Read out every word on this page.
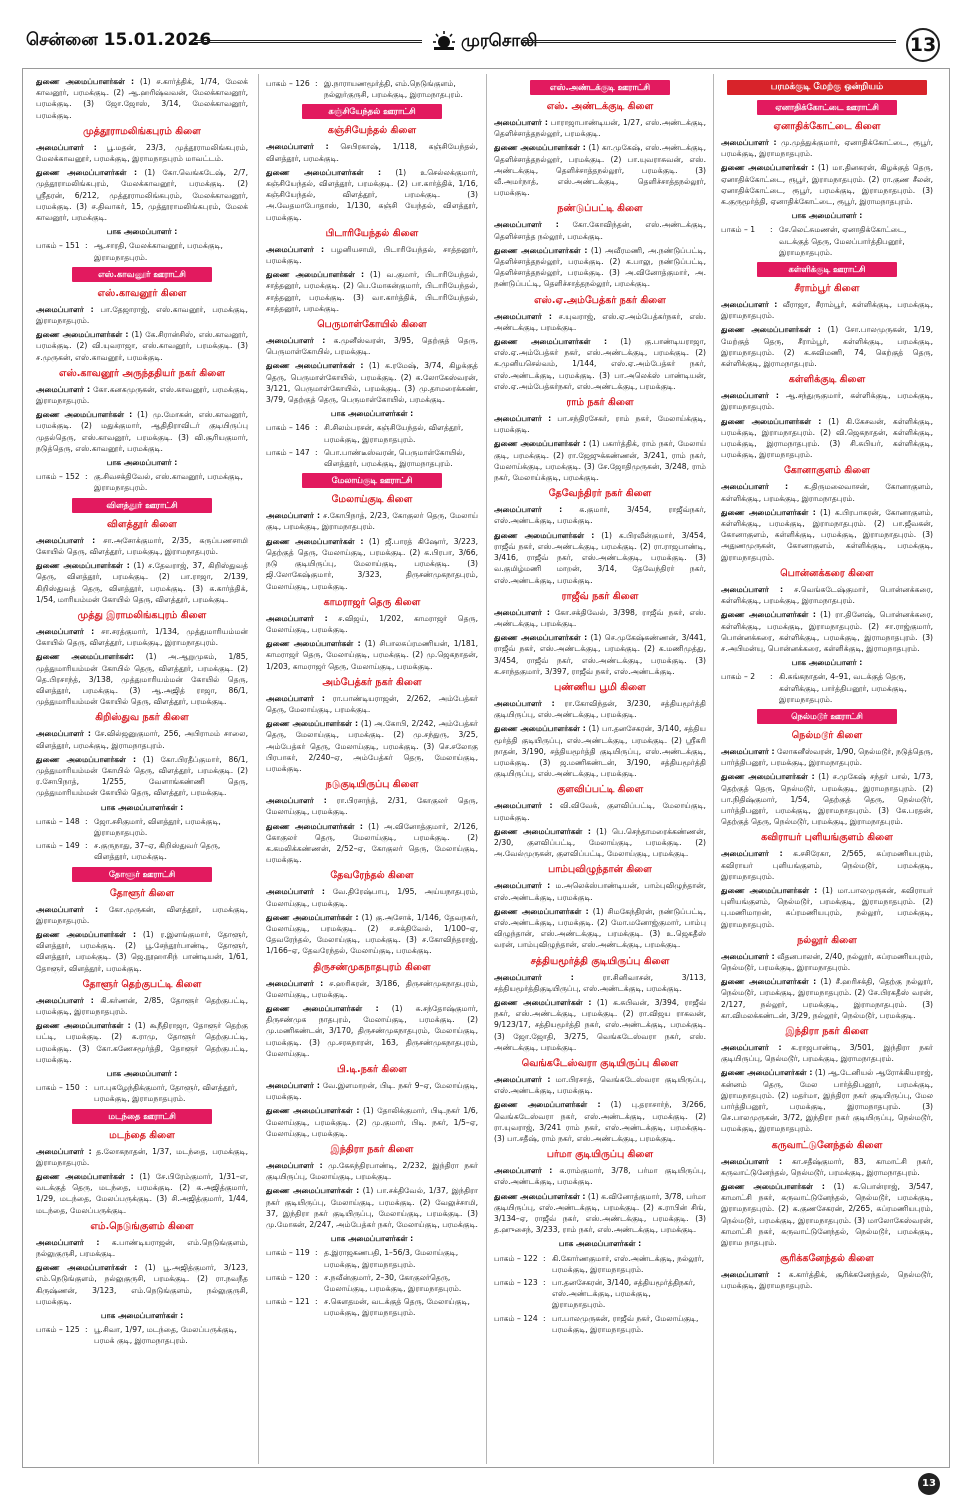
சென்னை 15.01.2026	முரசொலி	13

துணை அமைப்பாளர்கள் : (1) ச.கார்த்திக், 1/74, மேலக் காவனூர், பரமக்குடி. (2) ஆ.ஹரிஷ்வவன், மேலக்காவனூர், பரமக்குடி. (3) ஜோ.ஜோஸ், 3/14, மேலக்காவனூர், பரமக்குடி.

முத்தூராமலிங்கபுரம் கிளை

அமைப்பாளர் : பூ.மதன், 23/3, முத்தூராமலிங்கபுரம், மேலக்காவனூர், பரமக்குடி, இராமநாதபுரம் மாவட்டம்.

துணை அமைப்பாளர்கள் : (1) கோ.வெங்கடேஷ், 2/7, முத்தூராமலிங்கபுரம், மேலக்காவனூர், பரமக்குடி. (2) ஸ்ரீதரன், 6/212, முத்தூராமலிங்கபுரம், மேலக்காவனூர், பரமக்குடி. (3) ச.திவாகர், 15, முத்தூராமலிங்கபுரம், மேலக் காவனூர், பரமக்குடி.

பாக அமைப்பாளர் :
பாகம் – 151 : ஆ.சாரதி, மேலக்காவனூர், பரமக்குடி, இராமநாதபுரம்.
எஸ்.காவனூர் ஊராட்சி
எஸ்.காவனூர் கிளை

அமைப்பாளர் : பா.தேஜாராஜ், எஸ்.காவனூர், பரமக்குடி, இராமநாதபுரம்.

துணை அமைப்பாளர்கள் : (1) கே.சிரான்சிஸ், எஸ்.காவனூர், பரமக்குடி. (2) வி.யுவராஜா, எஸ்.காவனூர், பரமக்குடி. (3) ச.முருகன், எஸ்.காவனூர், பரமக்குடி.

எஸ்.காவனூர் அருந்ததியர் நகர் கிளை

அமைப்பாளர் : கோ.கனகமுருகன், எஸ்.காவனூர், பரமக்குடி, இராமநாதபுரம்.

துணை அமைப்பாளர்கள் : (1) மு.மோகன், எஸ்.காவனூர், பரமக்குடி. (2) மதுக்குமார், ஆதிதிராவிடர் குடியிருப்பு முதல்தெரு, எஸ்.காவனூர், பரமக்குடி. (3) வி.சூரியகுமார், நடுத்தெரு, எஸ்.காவனூர், பரமக்குடி.

பாக அமைப்பாளர் :
பாகம் – 152 : கு.சிவசக்திவேல், எஸ்.காவனூர், பரமக்குடி, இராமநாதபுரம்.
விளத்தூர் ஊராட்சி
விளத்தூர் கிளை

அமைப்பாளர் : சா.அசோக்குமார், 2/35, கருப்பணசாமி கோயில் தெரு, விளத்தூர், பரமக்குடி, இராமநாதபுரம்.

துணை அமைப்பாளர்கள் : (1) ச.தேவராஜ், 37, கிறிஸ்துவத் தெரு, விளத்தூர், பரமக்குடி. (2) பா.ராஜா, 2/139, கிறிஸ்துவத் தெரு, விளத்தூர், பரமக்குடி. (3) க.கார்த்திக், 1/54, மாரியம்மன் கோயில் தெரு, விளத்தூர், பரமக்குடி.

முத்து இராமலிங்கபுரம் கிளை

அமைப்பாளர் : சா.சரத்குமார், 1/134, முத்துமாரியம்மன் கோயில் தெரு, விளத்தூர், பரமக்குடி, இராமநாதபுரம்.

துணை அமைப்பாளர்கள்: (1) அ.ஆறுமுகம், 1/85, முத்துமாரியம்மன் கோயில் தெரு, விளத்தூர், பரமக்குடி. (2) தெ.பிரசாந்த், 3/138, முத்துமாரியம்மன் கோயில் தெரு, விளத்தூர், பரமக்குடி. (3) ஆ.அஜித் ராஜா, 86/1, முத்துமாரியம்மன் கோயில் தெரு, விளத்தூர், பரமக்குடி.

கிறிஸ்துவ நகர் கிளை

அமைப்பாளர் : சே.வில்ஜனுகுமார், 256, அபிராமம் சாலை, விளத்தூர், பரமக்குடி, இராமநாதபுரம்.

துணை அமைப்பாளர்கள் : (1) கோ.பிரதீப்குமார், 86/1, முத்துமாரியம்மன் கோயில் தெரு, விளத்தூர், பரமக்குடி. (2) ர.சோபிநாத், 1/255, வேளாங்கண்ணி தெரு, முத்துமாரியம்மன் கோயில் தெரு, விளத்தூர், பரமக்குடி.

பாக அமைப்பாளர்கள் :
பாகம் – 148 : ஜோ.சசிகுமார், விளத்தூர், பரமக்குடி, இராமநாதபுரம்.
பாகம் – 149 : ச.குருநாது, 37–ஏ, கிறிஸ்துவர் தெரு, விளத்தூர், பரமக்குடி.
தோளூர் ஊராட்சி
தோளூர் கிளை

அமைப்பாளர் : கோ.முருகன், விளத்தூர், பரமக்குடி, இராமநாதபுரம்.

துணை அமைப்பாளர்கள் : (1) ர.இளங்குமார், தோளூர், விளத்தூர், பரமக்குடி. (2) பூ.சேந்தூர்பாண்டி, தோளூர், விளத்தூர், பரமக்குடி. (3) ஜெ.நூஹாசிந் பாண்டியன், 1/61, தோளூர், விளத்தூர், பரமக்குடி.

தோளூர் தெற்குபட்டி கிளை

அமைப்பாளர் : கி.கர்ணன், 2/85, தோளூர் தெற்குபட்டி, பரமக்குடி, இராமநாதபுரம்.

துணை அமைப்பாளர்கள் : (1) கூநீதிராஜா, தோளூர் தெற்கு பட்டி, பரமக்குடி. (2) க.ராமு, தோளூர் தெற்குபட்டி, பரமக்குடி. (3) கோ.கணேசமூர்த்தி, தோளூர் தெற்குபட்டி, பரமக்குடி.

பாக அமைப்பாளர் :
பாகம் – 150 : பா.புகழேந்திக்குமார், தோளூர், விளத்தூர், பரமக்குடி, இராமநாதபுரம்.
மடந்தை ஊராட்சி
மடந்தை கிளை

அமைப்பாளர் : த.லோகநாதன், 1/37, மடந்தை, பரமக்குடி, இராமநாதபுரம்.

துணை அமைப்பாளர்கள் : (1) சே.பிரேம்குமார், 1/31–எ, வடக்குத் தெரு, மடந்தை, பரமக்குடி. (2) க.அஜித்குமார், 1/29, மடந்தை, மேலப்பருக்குடி. (3) சி.அஜித்குமார், 1/44, மடந்தை, மேலப்பருக்குடி.

எம்.நெடுங்குளம் கிளை

அமைப்பாளர் : க.பாண்டியராஜன், எம்.நெடுங்குளம், நல்லுகுருசி, பரமக்குடி.

துணை அமைப்பாளர்கள் : (1) பூ.அஜித்குமார், 3/123, எம்.நெடுங்குளம், நல்லுகுருசி, பரமக்குடி. (2) ரா.நவநீத கிருஷ்ணன், 3/123, எம்.நெடுங்குளம், நல்லுகுருசி, பரமக்குடி.

பாக அமைப்பாளர்கள் :
பாகம் – 125 : பூ.சிவா, 1/97, மடந்தை, மேலப்பருக்குடி, பரமக் குடி, இராமநாதபுரம்.
பாகம் – 126 : இ.நாராயணமூர்த்தி, எம்.நெடுங்குளம், நல்லுர்குருசி, பரமக்குடி, இராமநாதபுரம்.
கஞ்சியேந்தல் ஊராட்சி
கஞ்சியேந்தல் கிளை

அமைப்பாளர் : செபிரகாஷ், 1/118, கஞ்சியேந்தல், விளத்தூர், பரமக்குடி.

துணை அமைப்பாளர்கள் : (1) உசெல்லக்குமார், கஞ்சியேந்தல், விளத்தூர், பரமக்குடி. (2) பா.கார்த்திக், 1/16, கஞ்சியேந்தல், விளத்தூர், பரமக்குடி. (3) அ.வேதமாபோதாஸ், 1/130, கஞ்சி யேந்தல், விளத்தூர், பரமக்குடி.

பிடாரியேந்தல் கிளை

அமைப்பாளர் : பழனியசாமி, பிடாரியேந்தல், சாத்தனூர், பரமக்குடி.

துணை அமைப்பாளர்கள் : (1) வ.குமார், பிடாரியேந்தல், சாத்தனூர், பரமக்குடி. (2) பெ.மோகன்குமார், பிடாரியேந்தல், சாத்தனூர், பரமக்குடி. (3) வா.கார்த்திக், பிடாரியேந்தல், சாத்தனூர், பரமக்குடி.

பெருமாள்கோயில் கிளை

அமைப்பாளர் : க.முனீஸ்வரன், 3/95, தெற்குத் தெரு, பெருமாள்கோயில், பரமக்குடி.

துணை அமைப்பாளர்கள் : (1) க.ரமேஷ், 3/74, கிழக்குத் தெரு, பெருமாள்கோயில், பரமக்குடி. (2) க.லோகேஸ்வரன், 3/121, பெருமாள்கோயில், பரமக்குடி. (3) மு.தாமரைக்கண், 3/79, தெற்குத் தெரு, பெருமாள்கோயில், பரமக்குடி.

பாக அமைப்பாளர்கள் :
பாகம் – 146 : சி.சிலம்பரசன், கஞ்சியேந்தல், விளத்தூர், பரமக்குடி, இராமநாதபுரம்.
பாகம் – 147 : பொ.பாண்டீஸ்வரன், பெருமாள்கோயில், விளத்தூர், பரமக்குடி, இராமநாதபுரம்.
மேலாய்குடி ஊராட்சி
மேலாய்குடி கிளை

அமைப்பாளர் : ச.கோபிநாத், 2/23, கோகுலர் தெரு, மேலாய் குடி, பரமக்குடி, இராமநாதபுரம்.

துணை அமைப்பாளர்கள் : (1) ஜீ.பாரத் கிஷோர், 3/223, தெற்குத் தெரு, மேலாய்குடி, பரமக்குடி. (2) க.பிரபா, 3/66, நடு குடியிருப்பு, மேலாய்குடி, பரமக்குடி. (3) ஜி.லோகேஷ்குமார், 3/323, திருசண்முகநாதபுரம், மேலாய்குடி, பரமக்குடி.

காமராஜர் தெரு கிளை

அமைப்பாளர் : ச.விஜய், 1/202, காமராஜர் தெரு, மேலாய்குடி, பரமக்குடி.

துணை அமைப்பாளர்கள் : (1) சிபாலசுப்ரமணியன், 1/181, காமராஜர் தெரு, மேலாய்குடி, பரமக்குடி. (2) மு.ஜெகநாதன், 1/203, காமராஜர் தெரு, மேலாய்குடி, பரமக்குடி.

அம்பேத்கர் நகர் கிளை

அமைப்பாளர் : ரா.பாண்டியராஜன், 2/262, அம்பேத்கர் தெரு, மேலாய்குடி, பரமக்குடி.

துணை அமைப்பாளர்கள் : (1) அ.கோபி, 2/242, அம்பேத்கர் தெரு, மேலாய்குடி, பரமக்குடி. (2) மு.சந்துரு, 3/25, அம்பேத்கர் தெரு, மேலாய்குடி, பரமக்குடி. (3) செ.சலோகு பிரபாகர், 2/240–ஏ, அம்பேத்கர் தெரு, மேலாய்குடி, பரமக்குடி.

நடுகுடியிருப்பு கிளை

அமைப்பாளர் : ரா.பிரசாந்த், 2/31, கோகுலர் தெரு, மேலாய்குடி, பரமக்குடி.

துணை அமைப்பாளர்கள் : (1) அ.வினோத்குமார், 2/126, கோகுலர் தெரு, மேலாய்குடி, பரமக்குடி. (2) க.கமலிக்கண்ணன், 2/52–ஏ, கோகுலர் தெரு, மேலாய்குடி, பரமக்குடி.

தேவரேந்தல் கிளை

அமைப்பாளர் : வே.திரேஷ்பாபு, 1/95, அய்யநாதபுரம், மேலாய்குடி, பரமக்குடி.

துணை அமைப்பாளர்கள் : (1) கு.அசோக், 1/146, தேவநகர், மேலாய்குடி, பரமக்குடி. (2) ச.சக்திவேல், 1/100–ஏ, தேவரேந்தல், மேலாய்குடி, பரமக்குடி. (3) ச.கோவிந்தராஜ், 1/166–ஏ, தேவரேந்தல், மேலாய்குடி, பரமக்குடி.

திருசண்முகநாதபுரம் கிளை

அமைப்பாளர் : ச.ஹரிகரன், 3/186, திருசண்முகநாதபுரம், மேலாய்குடி, பரமக்குடி.

துணை அமைப்பாளர்கள் : (1) சு.சந்தோஷ்குமார், திருசண்முக நாதபுரம், மேலாய்குடி, பரமக்குடி. (2) மு.மணிகண்டன், 3/170, திருசண்முகநாதபுரம், மேலாய்குடி, பரமக்குடி. (3) மு.சரசுநாரன், 163, திருசண்முகநாதபுரம், மேலாய்குடி.

பி.டி.நகர் கிளை

அமைப்பாளர் : வே.இளமாறன், பிடி. நகர் 9–ஏ, மேலாய்குடி, பரமக்குடி.

துணை அமைப்பாளர்கள் : (1) தோலிக்குமார், பிடி.நகர் 1/6, மேலாய்குடி, பரமக்குடி. (2) மு.குமார், பிடி. நகர், 1/5–ஏ, மேலாய்குடி, பரமக்குடி.

இந்திரா நகர் கிளை

அமைப்பாளர் : மு.கேசுந்திரபாண்டி, 2/232, இந்திரா நகர் குடியிருப்பு, மேலாய்குடி, பரமக்குடி.

துணை அமைப்பாளர்கள் : (1) பா.சக்திவேல், 1/37, இந்திரா நகர் குடியிருப்பு, மேலாய்குடி, பரமக்குடி. (2) வேலுச்சாமி, 37, இந்திரா நகர் குடியிருப்பு, மேலாய்குடி, பரமக்குடி. (3) மு.மோகன், 2/247, அம்பேத்கர் நகர், மேலாய்குடி, பரமக்குடி.

பாக அமைப்பாளர்கள் :
பாகம் – 119 : த.இராஜகணபதி, 1–56/3, மேலாய்குடி, பரமக்குடி, இராமநாதபுரம்.
பாகம் – 120 : ச.நவீன்குமார், 2–30, கோகுலர்தெரு, மேலாய்குடி, பரமக்குடி, இராமநாதபுரம்.
பாகம் – 121 : ச.கௌதமன், வடக்குத் தெரு, மேலாய்குடி, பரமக்குடி, இராமநாதபுரம்.
எஸ்.அண்டக்குடி ஊராட்சி
எஸ். அண்டக்குடி கிளை

அமைப்பாளர் : பாராஜாபாண்டியன், 1/27, எஸ்.அண்டக்குடி, தெளிச்சாத்தநல்லூர், பரமக்குடி.

துணை அமைப்பாளர்கள் : (1) கா.முகேஷ், எஸ்.அண்டக்குடி, தெளிச்சாத்தநல்லூர், பரமக்குடி. (2) பா.யுவராசுவன், எஸ். அண்டக்குடி, தெளிச்சாத்தநல்லூர், பரமக்குடி. (3) வீ.அமர்நாத், எஸ்.அண்டக்குடி, தெளிச்சாத்தநல்லூர், பரமக்குடி.

நண்டுப்பட்டி கிளை

அமைப்பாளர் : கோ.கோவிந்தன், எஸ்.அண்டக்குடி, தெளிச்சாத்த நல்லூர், பரமக்குடி.

துணை அமைப்பாளர்கள் : (1) அவீரமணி, அ.நண்டுப்பட்டி, தெளிச்சாத்தநல்லூர், பரமக்குடி. (2) க.பாலு, நண்டுப்பட்டி, தெளிச்சாத்தநல்லூர், பரமக்குடி. (3) அ.வினோத்குமார், அ. நண்டுப்பட்டி, தெளிச்சாத்தநல்லூர், பரமக்குடி.

எஸ்.ஏ.அம்பேத்கர் நகர் கிளை

அமைப்பாளர் : ச.யுவராஜ், எஸ்.ஏ.அம்பேத்கர்நகர், எஸ். அண்டக்குடி, பரமக்குடி.

துணை அமைப்பாளர்கள் : (1) கு.பாண்டியராஜா, எஸ்.ஏ.அம்பேத்கர் நகர், எஸ்.அண்டக்குடி, பரமக்குடி. (2) க.முனியசெல்வம், 1/144, எஸ்.ஏ.அம்பேத்கர் நகர், எஸ்.அண்டக்குடி, பரமக்குடி. (3) பா.அலெக்ஸ் பாண்டியன், எஸ்.ஏ.அம்பேத்கர்நகர், எஸ்.அண்டக்குடி, பரமக்குடி.

ராம் நகர் கிளை

அமைப்பாளர் : பா.சந்திரசேகர், ராம் நகர், மேலாய்க்குடி, பரமக்குடி.

துணை அமைப்பாளர்கள் : (1) பகார்த்திக், ராம் நகர், மேலாய் குடி, பரமக்குடி. (2) ரா.ஜேஜுக்கண்ணன், 3/241, ராம் நகர், மேலாய்க்குடி, பரமக்குடி. (3) சே.ஜோதிமுருகன், 3/248, ராம் நகர், மேலாய்க்குடி, பரமக்குடி.

தேவேந்திரர் நகர் கிளை

அமைப்பாளர் : க.குமார், 3/454, ராஜீவ்நகர், எஸ்.அண்டக்குடி, பரமக்குடி.

துணை அமைப்பாளர்கள் : (1) க.பிரவீன்குமார், 3/454, ராஜீவ் நகர், எஸ்.அண்டக்குடி, பரமக்குடி. (2) ரா.ராஜபாண்டி, 3/416, ராஜீவ் நகர், எஸ்.அண்டக்குடி, பரமக்குடி. (3) வ.குமிழ்மணி மாறன், 3/14, தேவேந்திரர் நகர், எஸ்.அண்டக்குடி, பரமக்குடி.

ராஜீவ் நகர் கிளை

அமைப்பாளர் : கோ.சக்திவேல், 3/398, ராஜீவ் நகர், எஸ். அண்டக்குடி, பரமக்குடி.

துணை அமைப்பாளர்கள் : (1) செ.முகேஷ்கண்ணன், 3/441, ராஜீவ் நகர், எஸ்.அண்டக்குடி, பரமக்குடி. (2) க.மணிமுத்து, 3/454, ராஜீவ் நகர், எஸ்.அண்டக்குடி, பரமக்குடி. (3) க.சாந்தகுமார், 3/397, ராஜீவ் நகர், எஸ்.அண்டக்குடி.

புண்ணிய பூமி கிளை

அமைப்பாளர் : ரா.கோவிந்தன், 3/230, சத்தியமூர்த்தி குடியிருப்பு, எஸ்.அண்டக்குடி, பரமக்குடி.

துணை அமைப்பாளர்கள் : (1) பா.தனசேகரன், 3/140, சத்திய மூர்த்தி குடியிருப்பு, எஸ்.அண்டக்குடி, பரமக்குடி. (2) ஸ்ரீகரி நாதன், 3/190, சத்தியமூர்த்தி குடியிருப்பு, எஸ்.அண்டக்குடி, பரமக்குடி. (3) ஜ.மணிகண்டன், 3/190, சத்தியமூர்த்தி குடியிருப்பு, எஸ்.அண்டக்குடி, பரமக்குடி.

குளவிப்பட்டி கிளை

அமைப்பாளர் : வி.விவேக், குளவிப்பட்டி, மேலாய்குடி, பரமக்குடி.

துணை அமைப்பாளர்கள் : (1) பெ.செந்தாமரைக்கண்ணன், 2/30, குளவிப்பட்டி, மேலாய்குடி, பரமக்குடி. (2) அ.வேல்முருகன், குளவிப்பட்டி, மேலாய்குடி, பரமக்குடி.

பாம்புவிழுந்தான் கிளை

அமைப்பாளர் : ம.அலெக்ஸ்பாண்டியன், பாம்புவிழுந்தான், எஸ்.அண்டக்குடி, பரமக்குடி.

துணை அமைப்பாளர்கள் : (1) சிமகேந்திரன், நண்டுப்பட்டி, எஸ்.அண்டக்குடி, பரமக்குடி. (2) மோ.மனோஜ்குமார், பாம்பு விழுந்தான், எஸ்.அண்டக்குடி, பரமக்குடி. (3) உ.ஜெகதீஸ் வரன், பாம்புவிழுந்தான், எஸ்.அண்டக்குடி, பரமக்குடி.

சத்தியமூர்த்தி குடியிருப்பு கிளை

அமைப்பாளர் :	ரா.சினிவாசன், 3/113, சத்தியமூர்த்திகுடியிருப்பு, எஸ்.அண்டக்குடி, பரமக்குடி.

துணை அமைப்பாளர்கள் : (1) க.சுபிவன், 3/394, ராஜீவ் நகர், எஸ்.அண்டக்குடி, பரமக்குடி. (2) ரா.விஜய ராகவன், 9/123/17, சத்தியமூர்த்தி நகர், எஸ்.அண்டக்குடி, பரமக்குடி. (3) ஜோ.ஜோதி, 3/275, வெங்கடேஸ்வரா நகர், எஸ். அண்டக்குடி, பரமக்குடி.

வெங்கடேஸ்வரா குடியிருப்பு கிளை

அமைப்பாளர் : மா.பிரசாத், வெங்கடேஸ்வரா குடியிருப்பு, எஸ்.அண்டக்குடி, பரமக்குடி.

துணை அமைப்பாளர்கள் : (1) பு.தராசார்ந், 3/266, வெங்கடேஸ்வரா நகர், எஸ்.அண்டக்குடி, பரமக்குடி. (2) ரா.யுவராஜ், 3/241 ராம் நகர், எஸ்.அண்டக்குடி, பரமக்குடி. (3) பா.சதீஷ், ராம் நகர், எஸ்.அண்டக்குடி, பரமக்குடி.

பர்மா குடியிருப்பு கிளை

அமைப்பாளர் : க.ராம்குமார், 3/78, பர்மா குடியிருப்பு, எஸ்.அண்டக்குடி, பரமக்குடி.

துணை அமைப்பாளர்கள் : (1) க.வினோத்குமார், 3/78, பர்மா குடியிருப்பு, எஸ்.அண்டக்குடி, பரமக்குடி. (2) க.ராபின் சிங், 3/134–ஏ, ராஜீவ் நகர், எஸ்.அண்டக்குடி, பரமக்குடி. (3) த.ஹுசைந், 3/233, ராம் நகர், எஸ்.அண்டக்குடி, பரமக்குடி.

பாக அமைப்பாளர்கள் :
பாகம் – 122 : கி.கோர்ணகுமார், எஸ்.அண்டக்குடி, நல்லூர், பரமக்குடி, இராமநாதபுரம்.
பாகம் – 123 : பா.தனசேகரன், 3/140, சத்தியமூர்த்திநகர், எஸ்.அண்டக்குடி, பரமக்குடி, இராமநாதபுரம்.
பாகம் – 124 : பா.பாலமுருகன், ராஜீவ் நகர், மேலாய்குடி, பரமக்குடி, இராமநாதபுரம்.
பரமக்குடி மேற்கு ஒன்றியம்
ஏனாதிக்கோட்டை ஊராட்சி
ஏனாதிக்கோட்டை கிளை

அமைப்பாளர் : மு.முத்துக்குமார், ஏனாதிக்கோட்டை, ரூபூர், பரமக்குடி, இராமநாதபுரம்.

துணை அமைப்பாளர்கள் : (1) மா.தினகரன், கிழக்குத் தெரு, ஏனாதிக்கோட்டை, ரூபூர், இராமநாதபுரம். (2) ரா.குண சீலன், ஏனாதிக்கோட்டை, ரூபூர், பரமக்குடி, இராமநாதபுரம். (3) க.குருமூர்த்தி, ஏனாதிக்கோட்டை, ரூபூர், இராமநாதபுரம்.

பாக அமைப்பாளர் :
பாகம் – 1	: சே.லெட்சுமணன், ஏனாதிக்கோட்டை, வடக்குத் தெரு, மேலப்பார்த்திபனூர், இராமநாதபுரம்.
கள்ளிக்குடி ஊராட்சி
சீராம்பூர் கிளை

அமைப்பாளர் : வீராஜா, சீராம்பூர், கள்ளிக்குடி, பரமக்குடி, இராமநாதபுரம்.

துணை அமைப்பாளர்கள் : (1) சோ.பாலமுருகன், 1/19, மேற்குத் தெரு, சீராம்பூர், கள்ளிக்குடி, பரமக்குடி, இராமநாதபுரம். (2) க.சுவிமணி, 74, கெற்குத் தெரு, கள்ளிக்குடி, இராமநாதபுரம்.

கள்ளிக்குடி கிளை

அமைப்பாளர் : ஆ.சந்துருகுமார், கள்ளிக்குடி, பரமக்குடி, இராமநாதபுரம்.

துணை அமைப்பாளர்கள் : (1) கி.கேசவன், கள்ளிக்குடி, பரமக்குடி, இராமநாதபுரம். (2) வி.ஜெகநாதன், கள்ளிக்குடி, பரமக்குடி, இராமநாதபுரம். (3) சி.சுபியர், கள்ளிக்குடி, பரமக்குடி, இராமநாதபுரம்.

கோனாகுளம் கிளை

அமைப்பாளர் : க.திருமலைவாசன், கோனாகுளம், கள்ளிக்குடி, பரமக்குடி, இராமநாதபுரம்.

துணை அமைப்பாளர்கள் : (1) க.பிரபாகரன், கோனாகுளம், கள்ளிக்குடி, பரமக்குடி, இராமநாதபுரம். (2) பா.ஜீவகன், கோனாகுளம், கள்ளிக்குடி, பரமக்குடி, இராமநாதபுரம். (3) அதுணமுருகன், கோனாகுளம், கள்ளிக்குடி, பரமக்குடி, இராமநாதபுரம்.

பொன்னக்கரை கிளை

அமைப்பாளர் : ச.வெங்கடேஷ்குமார், பொன்னக்கரை, கள்ளிக்குடி, பரமக்குடி, இராமநாதபுரம்.

துணை அமைப்பாளர்கள் : (1) ரா.தினேஷ், பொன்னக்கரை, கள்ளிக்குடி, பரமக்குடி, இராமநாதபுரம். (2) சா.ராஜ்குமார், பொன்னக்கரை, கள்ளிக்குடி, பரமக்குடி, இராமநாதபுரம். (3) ச.அபிமன்யு, பொன்னக்கரை, கள்ளிக்குடி, இராமநாதபுரம்.

பாக அமைப்பாளர் :
பாகம் – 2	: கி.சுங்கநாதன், 4–91, வடக்குத் தெரு, கள்ளிக்குடி, பார்த்திபனூர், பரமக்குடி, இராமநாதபுரம்.
நெல்மடூர் ஊராட்சி
நெல்மடூர் கிளை

அமைப்பாளர் : லோகனீஸ்வரன், 1/90, நெல்மடூர், நடுத்தெரு, பார்த்திபனூர், பரமக்குடி, இராமநாதபுரம்.

துணை அமைப்பாளர்கள் : (1) ச.முகேஷ் சந்தர் பால், 1/73, தெற்குத் தெரு, நெல்மடூர், பரமக்குடி, இராமநாதபுரம். (2) பா.நிதிஷ்குமார், 1/54, தெற்குத் தெரு, நெல்மடூர், பார்த்திபனூர், பரமக்குடி, இராமநாதபுரம். (3) கே.பரதன், தெற்குத் தெரு, நெல்மடூர், பரமக்குடி, இராமநாதபுரம்.

கவிராயர் புளியங்குளம் கிளை

அமைப்பாளர் : க.சசிரேகா, 2/565, சுப்ரமணியபுரம், கவிராயர் புளியங்குளம், நெல்மடூர், பரமக்குடி, இராமநாதபுரம்.

துணை அமைப்பாளர்கள் : (1) மா.பாலமுருகன், கவிராயர் புளியங்குளம், நெல்மடூர், பரமக்குடி, இராமநாதபுரம். (2) பு.மணிமாறன், சுப்ரமணியபுரம், நல்லூர், பரமக்குடி, இராமநாதபுரம்.

நல்லூர் கிளை

அமைப்பாளர் : வீதனபாலன், 2/40, நல்லூர், சுப்ரமணியபுரம், நெல்மடூர், பரமக்குடி, இராமநாதபுரம்.

துணை அமைப்பாளர்கள் : (1) சீ.ஹரிசக்தி, தெற்கு நல்லூர், நெல்மடூர், பரமக்குடி, இராமநாதபுரம். (2) சே.பிரகதீஸ் வரன், 2/127, நல்லூர், பரமக்குடி, இராமநாதபுரம். (3) கா.விமலக்கண்டன், 3/29, நல்லூர், நெல்மடூர், பரமக்குடி.

இந்திரா நகர் கிளை

அமைப்பாளர் : க.ராஜபாண்டி, 3/501, இந்திரா நகர் குடியிருப்பு, நெல்மடூர், பரமக்குடி, இராமநாதபுரம்.

துணை அமைப்பாளர்கள் : (1) ஆ.டேனியல் ஆரோக்கியராஜ், கன்னம் தெரு, மேல பார்த்திபனூர், பரமக்குடி, இராமநாதபுரம். (2) மதர்மா, இந்திரா நகர் குடியிருப்பு, மேல பார்த்திபனூர், பரமக்குடி, இராமநாதபுரம். (3) செ.பாலமுருகன், 3/72, இந்திரா நகர் குடியிருப்பு, நெல்மடூர், பரமக்குடி, இராமநாதபுரம்.

கருவாட்டுனேந்தல் கிளை

அமைப்பாளர் : கா.சதீஷ்குமார், 83, காமாட்சி நகர், கருவாட்டுனேந்தல், நெல்மடூர், பரமக்குடி, இராமநாதபுரம்.

துணை அமைப்பாளர்கள் : (1) க.பொன்ராஜ், 3/547, காமாட்சி நகர், கருவாட்டுனேந்தல், நெல்மடூர், பரமக்குடி, இராமநாதபுரம். (2) க.குணசேகரன், 2/265, சுப்ரமணியபுரம், நெல்மடூர், பரமக்குடி, இராமநாதபுரம். (3) மாலோகேஸ்வரன், காமாட்சி நகர், கருவாட்டுனேந்தல், நெல்மடூர், பரமக்குடி, இராம நாதபுரம்.

சூரிக்கனேந்தல் கிளை

அமைப்பாளர் : க.கார்த்திக், சூரிக்கனேந்தல், நெல்மடூர், பரமக்குடி, இராமநாதபுரம்.

13
